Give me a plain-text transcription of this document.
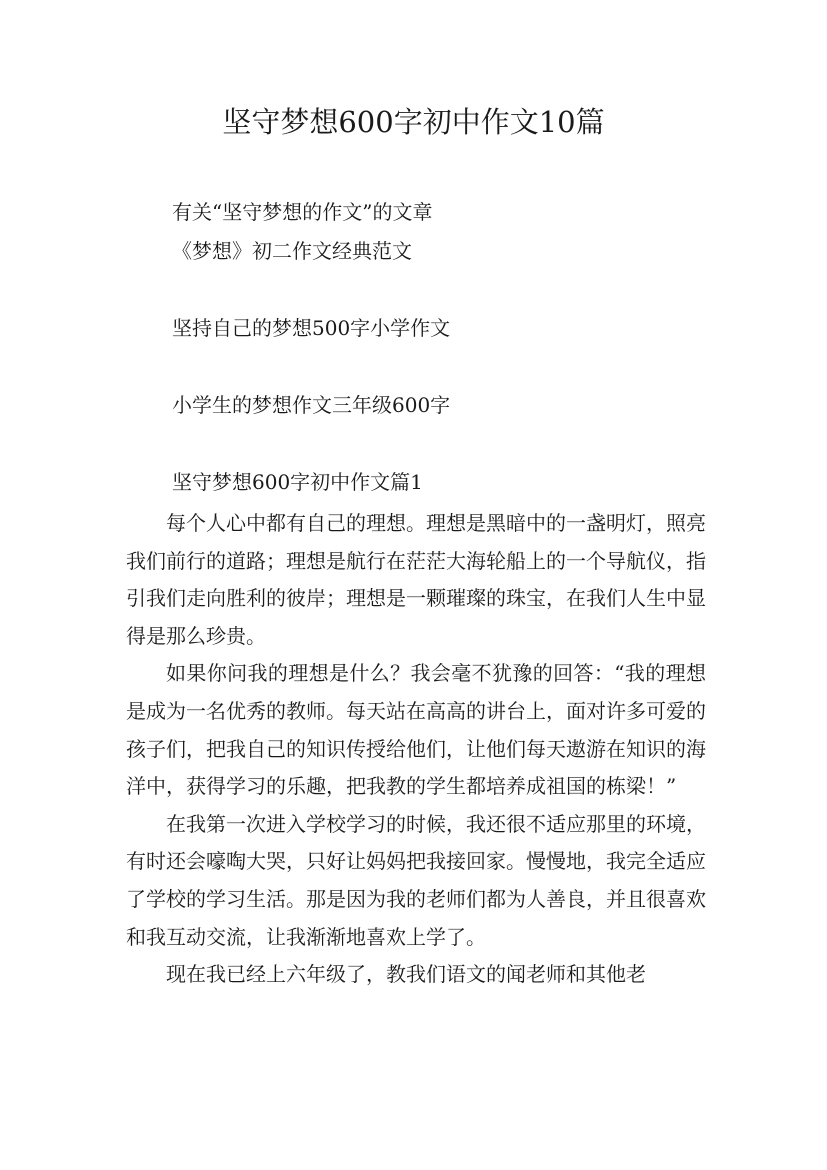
坚守梦想600字初中作文10篇
有关“坚守梦想的作文”的文章
《梦想》初二作文经典范文
坚持自己的梦想500字小学作文
小学生的梦想作文三年级600字
坚守梦想600字初中作文篇1

每个人心中都有自己的理想。理想是黑暗中的一盏明灯，照亮我们前行的道路；理想是航行在茫茫大海轮船上的一个导航仪，指引我们走向胜利的彼岸；理想是一颗璀璨的珠宝，在我们人生中显得是那么珍贵。

如果你问我的理想是什么？我会毫不犹豫的回答：“我的理想是成为一名优秀的教师。每天站在高高的讲台上，面对许多可爱的孩子们，把我自己的知识传授给他们，让他们每天遨游在知识的海洋中，获得学习的乐趣，把我教的学生都培养成祖国的栋梁！”

在我第一次进入学校学习的时候，我还很不适应那里的环境，有时还会嚎啕大哭，只好让妈妈把我接回家。慢慢地，我完全适应了学校的学习生活。那是因为我的老师们都为人善良，并且很喜欢和我互动交流，让我渐渐地喜欢上学了。

现在我已经上六年级了，教我们语文的闻老师和其他老
